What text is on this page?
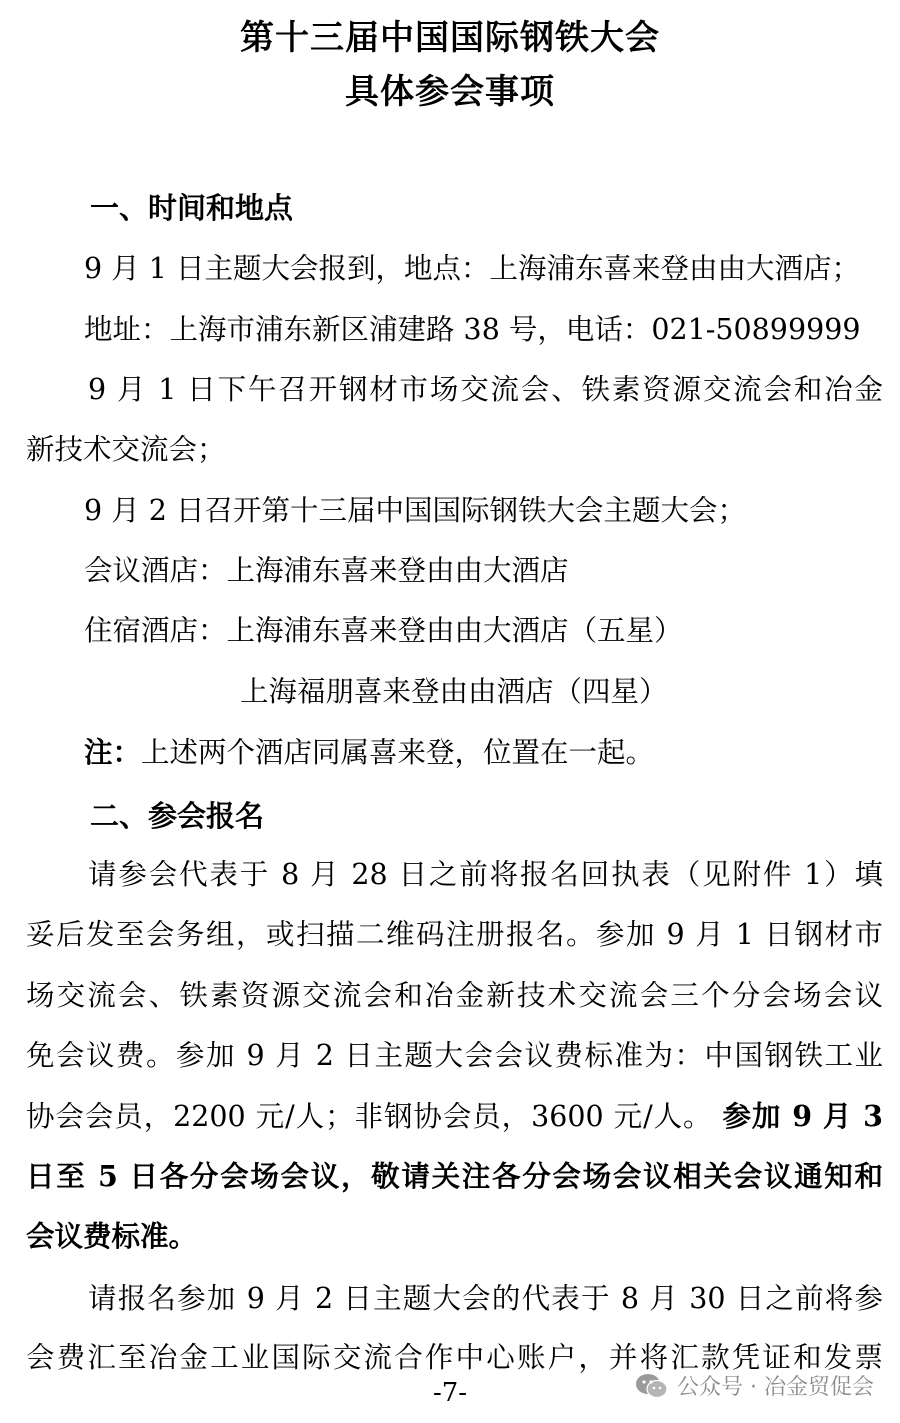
第十三届中国国际钢铁大会
具体参会事项
一、时间和地点
9 月 1 日主题大会报到，地点：上海浦东喜来登由由大酒店；
地址：上海市浦东新区浦建路 38 号，电话：021-50899999
9 月 1 日下午召开钢材市场交流会、铁素资源交流会和冶金
新技术交流会；
9 月 2 日召开第十三届中国国际钢铁大会主题大会；
会议酒店：上海浦东喜来登由由大酒店
住宿酒店：上海浦东喜来登由由大酒店（五星）
上海福朋喜来登由由酒店（四星）
注：上述两个酒店同属喜来登，位置在一起。
二、参会报名
请参会代表于 8 月 28 日之前将报名回执表（见附件 1）填
妥后发至会务组，或扫描二维码注册报名。参加 9 月 1 日钢材市
场交流会、铁素资源交流会和冶金新技术交流会三个分会场会议
免会议费。参加 9 月 2 日主题大会会议费标准为：中国钢铁工业
协会会员，2200 元/人；非钢协会员，3600 元/人。 参加 9 月 3
日至 5 日各分会场会议，敬请关注各分会场会议相关会议通知和
会议费标准。
请报名参加 9 月 2 日主题大会的代表于 8 月 30 日之前将参
会费汇至冶金工业国际交流合作中心账户，并将汇款凭证和发票
-7-	公众号 · 冶金贸促会
